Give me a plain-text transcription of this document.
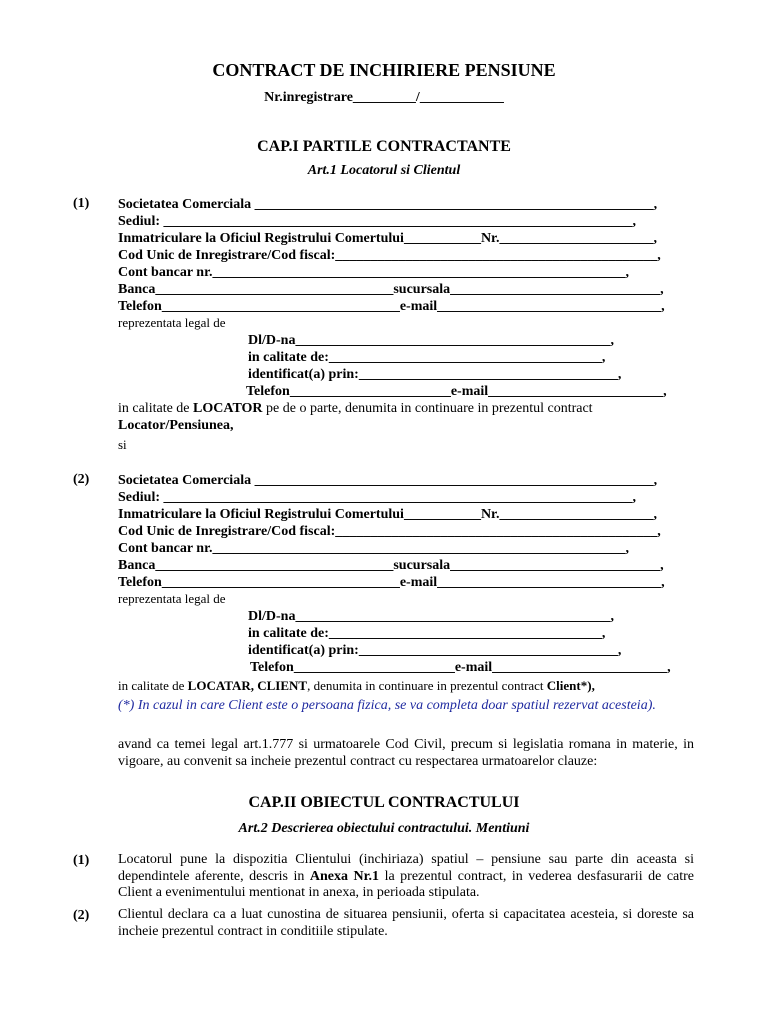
CONTRACT DE INCHIRIERE PENSIUNE
Nr.inregistrare_________/____________
CAP.I PARTILE CONTRACTANTE
Art.1 Locatorul si Clientul
(1) Societatea Comerciala _________________________________________________________,
Sediul: ___________________________________________________________________,
Inmatriculare la Oficiul Registrului Comertului___________Nr.______________________,
Cod Unic de Inregistrare/Cod fiscal:______________________________________________,
Cont bancar nr.___________________________________________________________,
Banca__________________________________sucursala______________________________,
Telefon__________________________________e-mail________________________________,
reprezentata legal de
Dl/D-na_____________________________________________,
in calitate de:_______________________________________,
identificat(a) prin:_____________________________________,
Telefon_______________________e-mail_________________________,
in calitate de LOCATOR pe de o parte, denumita in continuare in prezentul contract
Locator/Pensiunea,
si
(2) Societatea Comerciala _________________________________________________________,
Sediul: ___________________________________________________________________,
Inmatriculare la Oficiul Registrului Comertului___________Nr.______________________,
Cod Unic de Inregistrare/Cod fiscal:______________________________________________,
Cont bancar nr.___________________________________________________________,
Banca__________________________________sucursala______________________________,
Telefon__________________________________e-mail________________________________,
reprezentata legal de
Dl/D-na_____________________________________________,
in calitate de:_______________________________________,
identificat(a) prin:_____________________________________,
Telefon_______________________e-mail_________________________,
in calitate de LOCATAR, CLIENT, denumita in continuare in prezentul contract Client*),
(*) In cazul in care Client este o persoana fizica, se va completa doar spatiul rezervat acesteia).
avand ca temei legal art.1.777 si urmatoarele Cod Civil, precum si legislatia romana in materie, in vigoare, au convenit sa incheie prezentul contract cu respectarea urmatoarelor clauze:
CAP.II OBIECTUL CONTRACTULUI
Art.2 Descrierea obiectului contractului. Mentiuni
(1) Locatorul pune la dispozitia Clientului (inchiriaza) spatiul – pensiune sau parte din aceasta si dependintele aferente, descris in Anexa Nr.1 la prezentul contract, in vederea desfasurarii de catre Client a evenimentului mentionat in anexa, in perioada stipulata.
(2) Clientul declara ca a luat cunostina de situarea pensiunii, oferta si capacitatea acesteia, si doreste sa incheie prezentul contract in conditiile stipulate.
